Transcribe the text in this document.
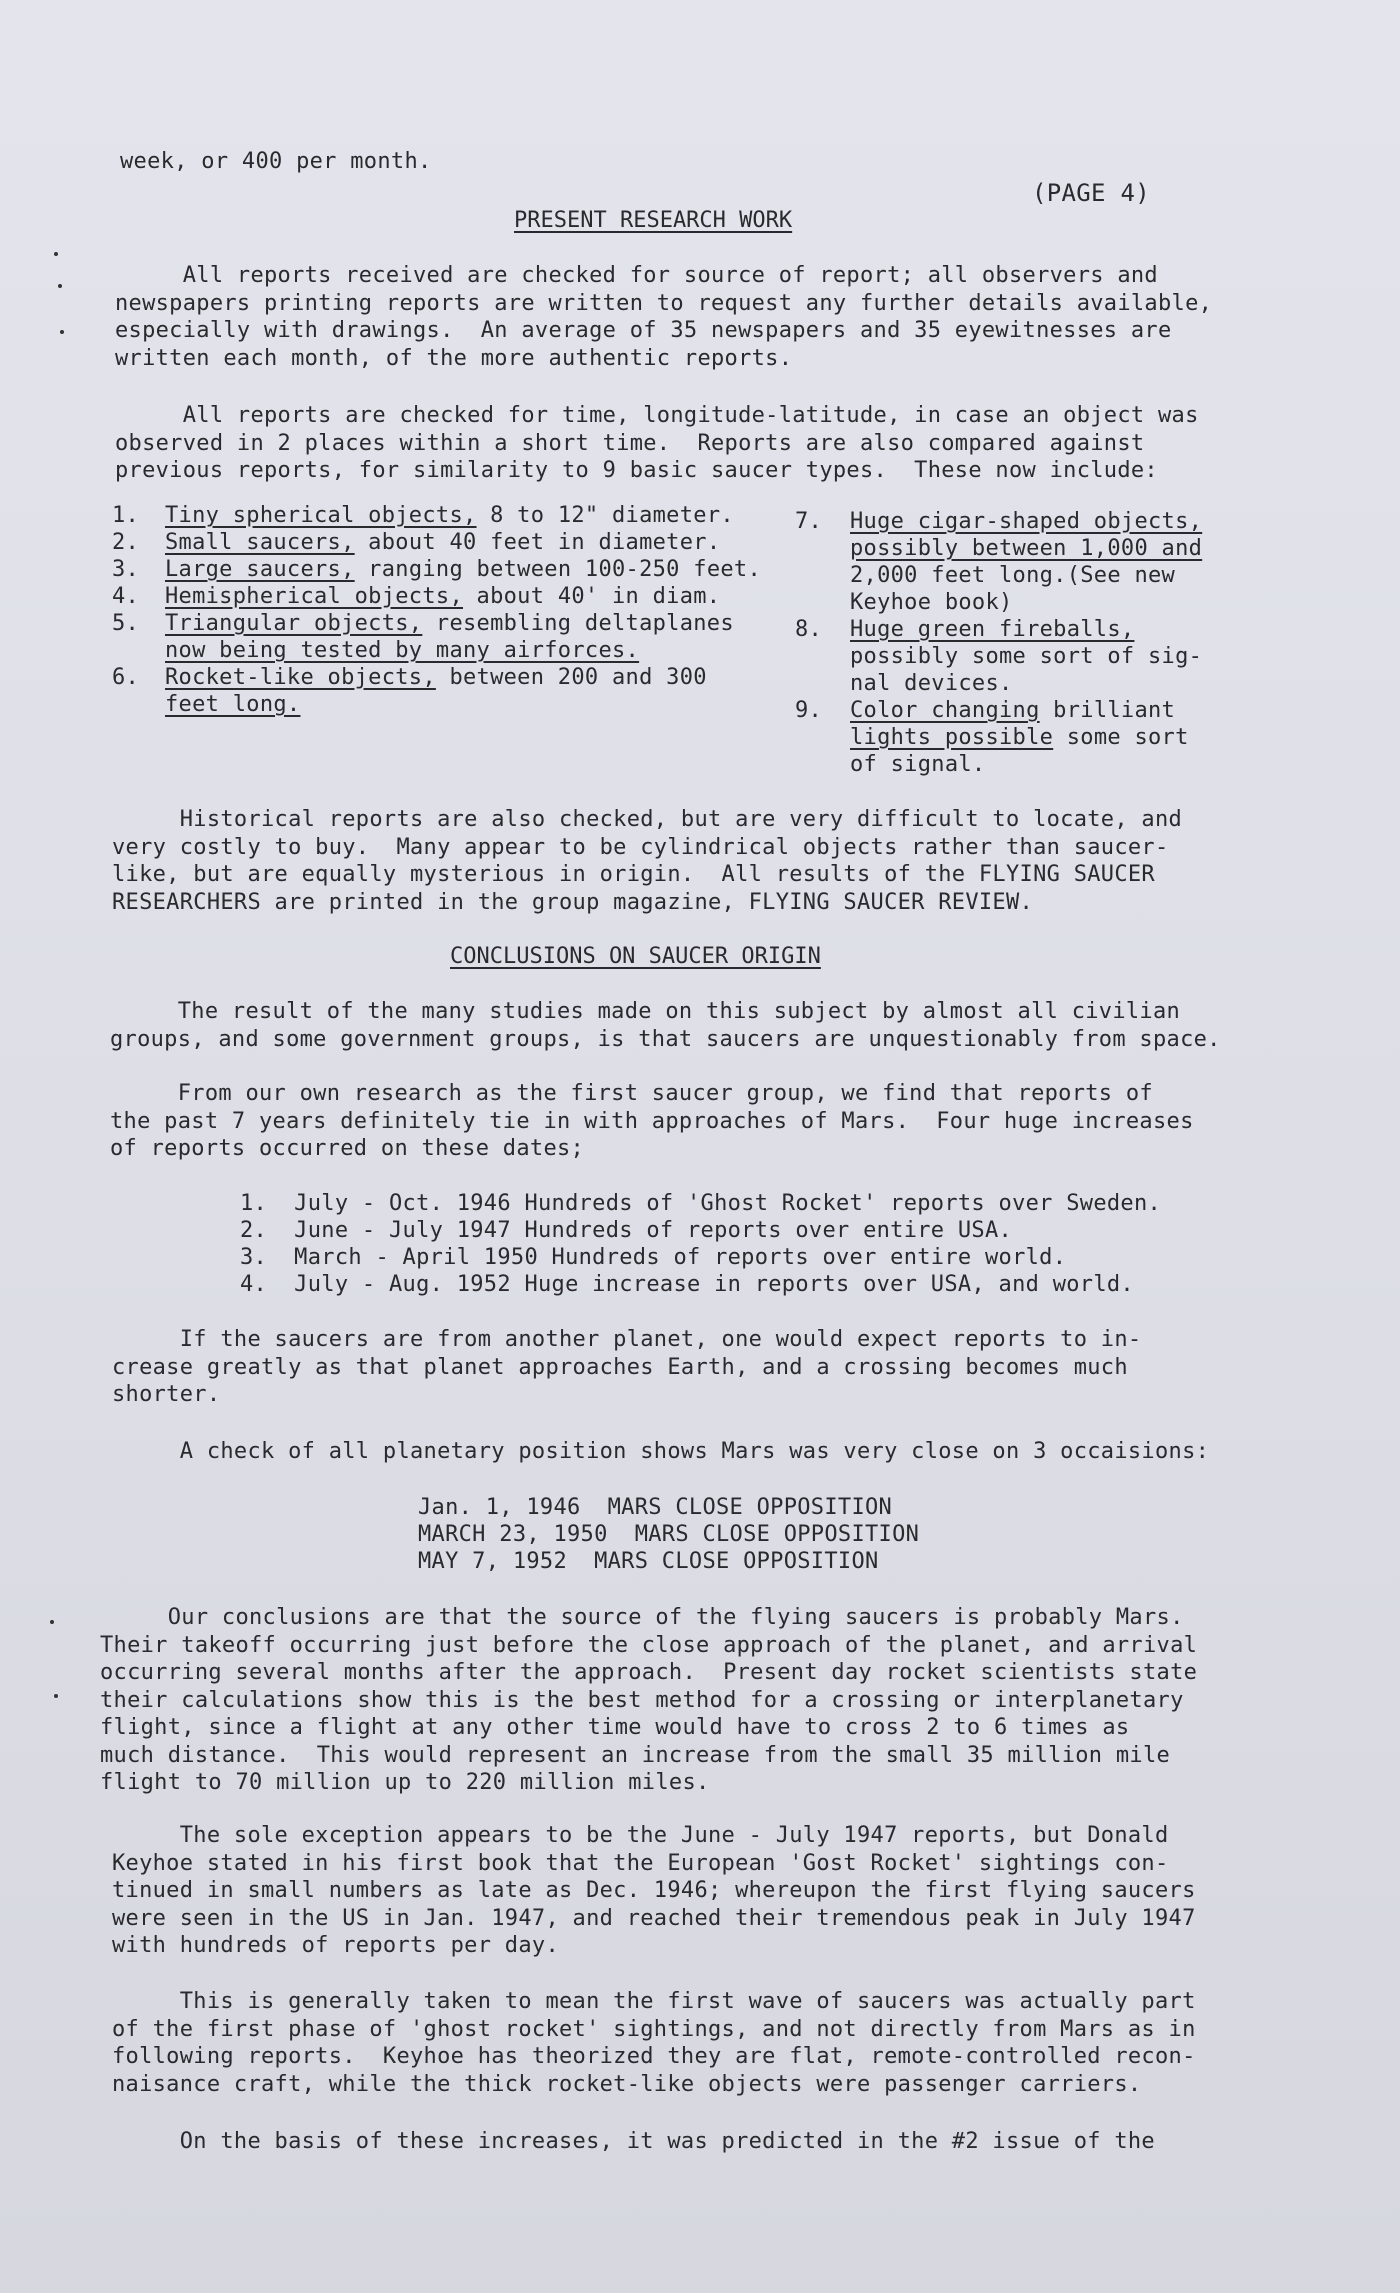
week, or 400 per month.
(PAGE 4)
PRESENT RESEARCH WORK
All reports received are checked for source of report; all observers and
newspapers printing reports are written to request any further details available,
especially with drawings.  An average of 35 newspapers and 35 eyewitnesses are
written each month, of the more authentic reports.
All reports are checked for time, longitude-latitude, in case an object was
observed in 2 places within a short time.  Reports are also compared against
previous reports, for similarity to 9 basic saucer types.  These now include:
1.	Tiny spherical objects, 8 to 12" diameter.
2.	Small saucers, about 40 feet in diameter.
3.	Large saucers, ranging between 100-250 feet.
4.	Hemispherical objects, about 40' in diam.
5.	Triangular objects, resembling deltaplanes
now being tested by many airforces.
6.	Rocket-like objects, between 200 and 300
feet long.
7.	Huge cigar-shaped objects,
possibly between 1,000 and
2,000 feet long.(See new
Keyhoe book)
8.	Huge green fireballs,
possibly some sort of sig-
nal devices.
9.	Color changing brilliant
lights possible some sort
of signal.
Historical reports are also checked, but are very difficult to locate, and
very costly to buy.  Many appear to be cylindrical objects rather than saucer-
like, but are equally mysterious in origin.  All results of the FLYING SAUCER
RESEARCHERS are printed in the group magazine, FLYING SAUCER REVIEW.
CONCLUSIONS ON SAUCER ORIGIN
The result of the many studies made on this subject by almost all civilian
groups, and some government groups, is that saucers are unquestionably from space.
From our own research as the first saucer group, we find that reports of
the past 7 years definitely tie in with approaches of Mars.  Four huge increases
of reports occurred on these dates;
1.  July - Oct. 1946 Hundreds of 'Ghost Rocket' reports over Sweden.
2.  June - July 1947 Hundreds of reports over entire USA.
3.  March - April 1950 Hundreds of reports over entire world.
4.  July - Aug. 1952 Huge increase in reports over USA, and world.
If the saucers are from another planet, one would expect reports to in-
crease greatly as that planet approaches Earth, and a crossing becomes much
shorter.
A check of all planetary position shows Mars was very close on 3 occaisions:
Jan. 1, 1946  MARS CLOSE OPPOSITION
MARCH 23, 1950  MARS CLOSE OPPOSITION
MAY 7, 1952  MARS CLOSE OPPOSITION
Our conclusions are that the source of the flying saucers is probably Mars.
Their takeoff occurring just before the close approach of the planet, and arrival
occurring several months after the approach.  Present day rocket scientists state
their calculations show this is the best method for a crossing or interplanetary
flight, since a flight at any other time would have to cross 2 to 6 times as
much distance.  This would represent an increase from the small 35 million mile
flight to 70 million up to 220 million miles.
The sole exception appears to be the June - July 1947 reports, but Donald
Keyhoe stated in his first book that the European 'Gost Rocket' sightings con-
tinued in small numbers as late as Dec. 1946; whereupon the first flying saucers
were seen in the US in Jan. 1947, and reached their tremendous peak in July 1947
with hundreds of reports per day.
This is generally taken to mean the first wave of saucers was actually part
of the first phase of 'ghost rocket' sightings, and not directly from Mars as in
following reports.  Keyhoe has theorized they are flat, remote-controlled recon-
naisance craft, while the thick rocket-like objects were passenger carriers.
On the basis of these increases, it was predicted in the #2 issue of the
